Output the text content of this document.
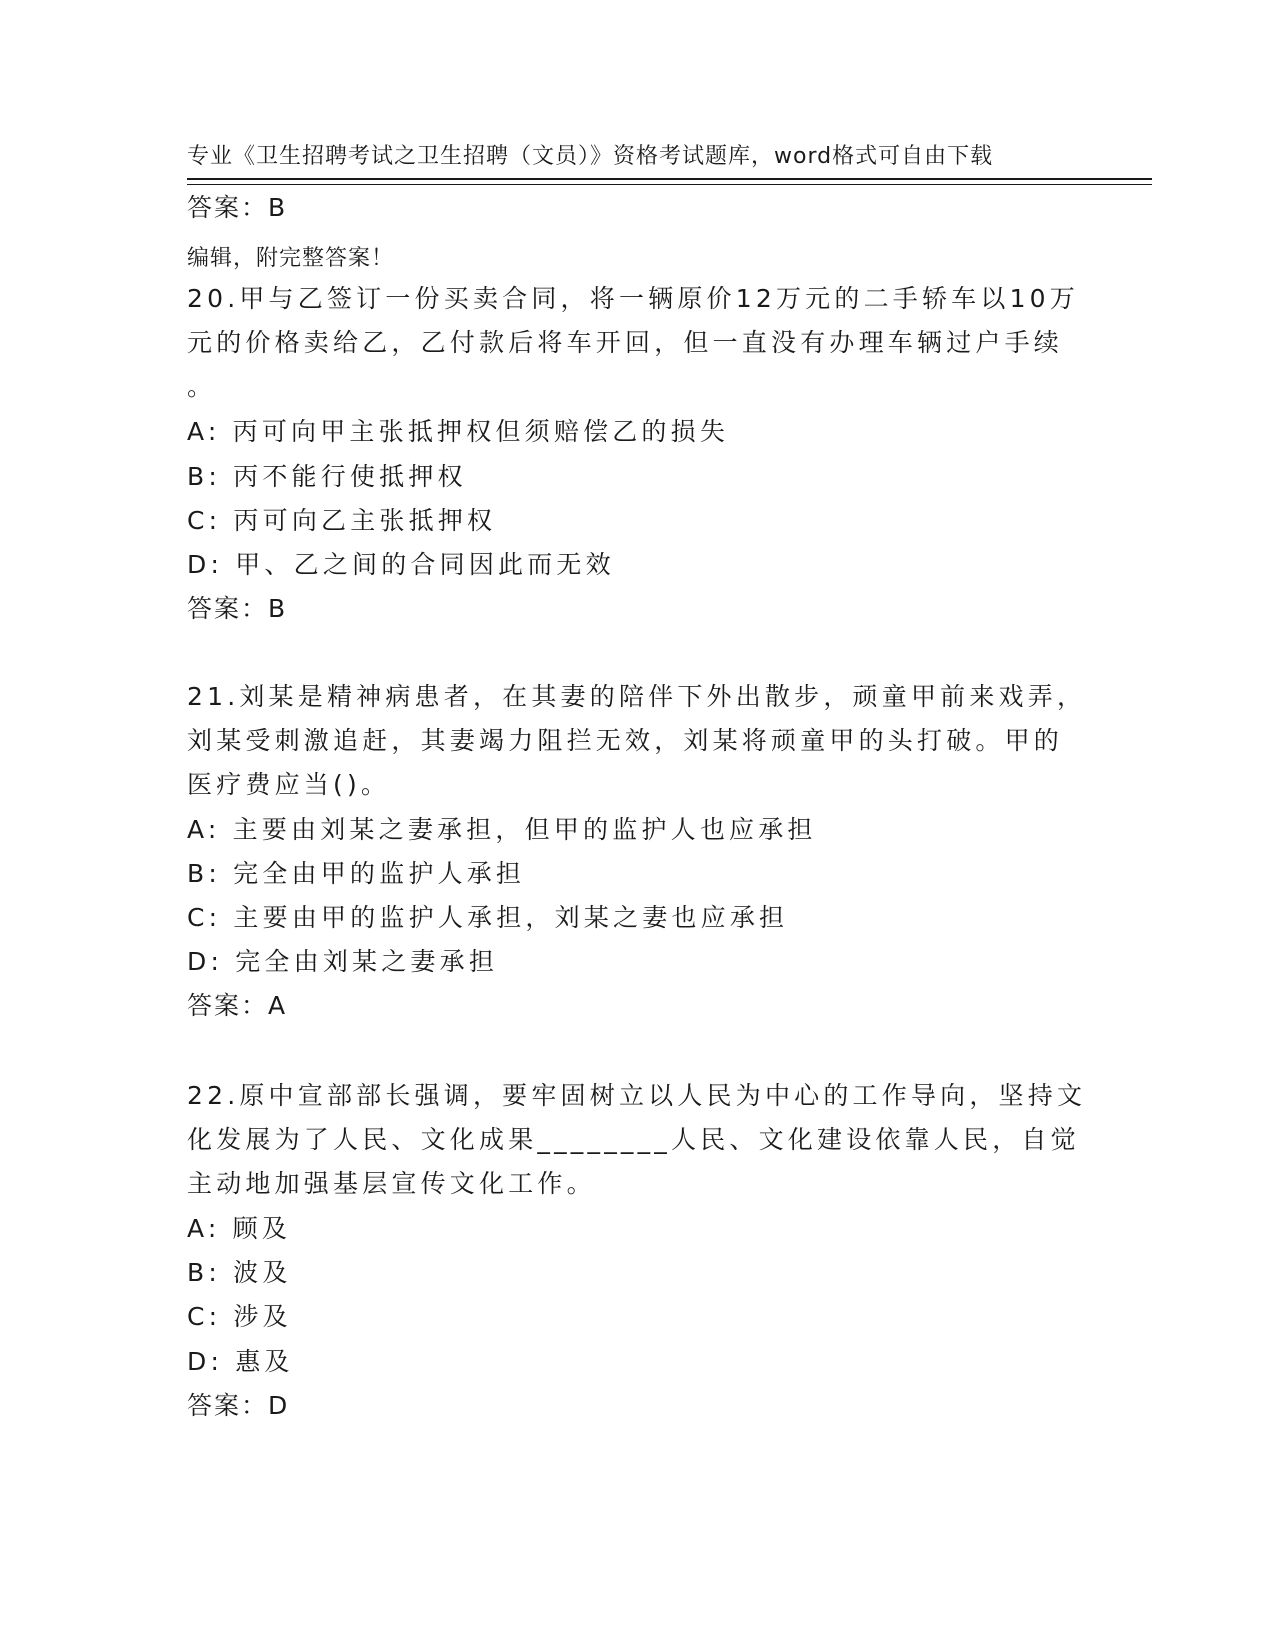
专业《卫生招聘考试之卫生招聘（文员）》资格考试题库，word格式可自由下载

编辑，附完整答案！

答案：B
20.甲与乙签订一份买卖合同，将一辆原价12万元的二手轿车以10万
元的价格卖给乙，乙付款后将车开回，但一直没有办理车辆过户手续
。
A: 丙可向甲主张抵押权但须赔偿乙的损失
B: 丙不能行使抵押权
C: 丙可向乙主张抵押权
D: 甲、乙之间的合同因此而无效
答案：B
21.刘某是精神病患者，在其妻的陪伴下外出散步，顽童甲前来戏弄，
刘某受刺激追赶，其妻竭力阻拦无效，刘某将顽童甲的头打破。甲的
医疗费应当()。
A: 主要由刘某之妻承担，但甲的监护人也应承担
B: 完全由甲的监护人承担
C: 主要由甲的监护人承担，刘某之妻也应承担
D: 完全由刘某之妻承担
答案：A
22.原中宣部部长强调，要牢固树立以人民为中心的工作导向，坚持文
化发展为了人民、文化成果________人民、文化建设依靠人民，自觉
主动地加强基层宣传文化工作。
A: 顾及
B: 波及
C: 涉及
D: 惠及
答案：D
